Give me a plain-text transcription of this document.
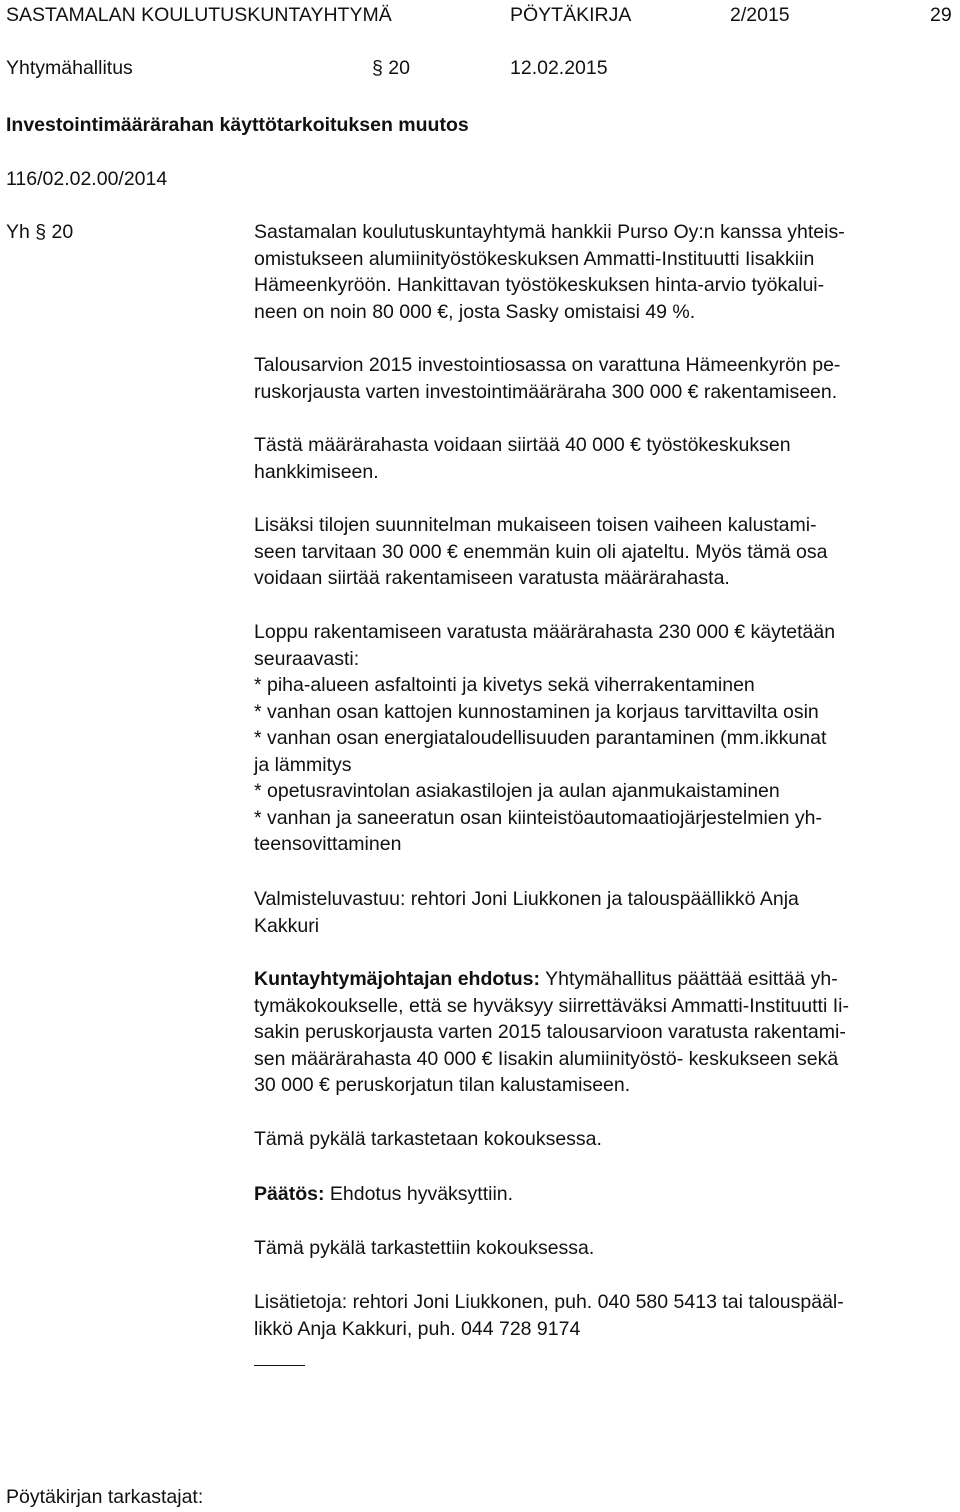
SASTAMALAN KOULUTUSKUNTAYHTYMÄ	PÖYTÄKIRJA	2/2015	29
Yhtymähallitus	§ 20	12.02.2015
Investointimäärärahan käyttötarkoituksen muutos
116/02.02.00/2014
Yh § 20	Sastamalan koulutuskuntayhtymä hankkii Purso Oy:n kanssa yhteis-
omistukseen alumiinityöstökeskuksen Ammatti-Instituutti Iisakkiin
Hämeenkyröön. Hankittavan työstökeskuksen hinta-arvio työkalui-
neen on noin 80 000 €, josta Sasky omistaisi 49 %.

Talousarvion 2015 investointiosassa on varattuna Hämeenkyrön pe-
ruskorjausta varten investointimääräraha 300 000 € rakentamiseen.

Tästä määrärahasta voidaan siirtää 40 000 € työstökeskuksen
hankkimiseen.

Lisäksi tilojen suunnitelman mukaiseen toisen vaiheen kalustami-
seen tarvitaan 30 000 € enemmän kuin oli ajateltu. Myös tämä osa
voidaan siirtää rakentamiseen varatusta määrärahasta.

Loppu rakentamiseen varatusta määrärahasta 230 000 € käytetään
seuraavasti:
* piha-alueen asfaltointi ja kivetys sekä viherrakentaminen
* vanhan osan kattojen kunnostaminen ja korjaus tarvittavilta osin
* vanhan osan energiataloudellisuuden parantaminen (mm.ikkunat
ja lämmitys
* opetusravintolan asiakastilojen ja aulan ajanmukaistaminen
* vanhan ja saneeratun osan kiinteistöautomaatiojärjestelmien yh-
teensovittaminen

Valmisteluvastuu: rehtori Joni Liukkonen ja talouspäällikkö Anja
Kakkuri

Kuntayhtymäjohtajan ehdotus: Yhtymähallitus päättää esittää yh-
tymäkokoukselle, että se hyväksyy siirrettäväksi Ammatti-Instituutti Ii-
sakin peruskorjausta varten 2015 talousarvioon varatusta rakentami-
sen määrärahasta 40 000 € Iisakin alumiinityöstö- keskukseen sekä
30 000 € peruskorjatun tilan kalustamiseen.

Tämä pykälä tarkastetaan kokouksessa.

Päätös: Ehdotus hyväksyttiin.

Tämä pykälä tarkastettiin kokouksessa.

Lisätietoja: rehtori Joni Liukkonen, puh. 040 580 5413 tai talouspääl-
likkö Anja Kakkuri, puh. 044 728 9174

Pöytäkirjan tarkastajat:
